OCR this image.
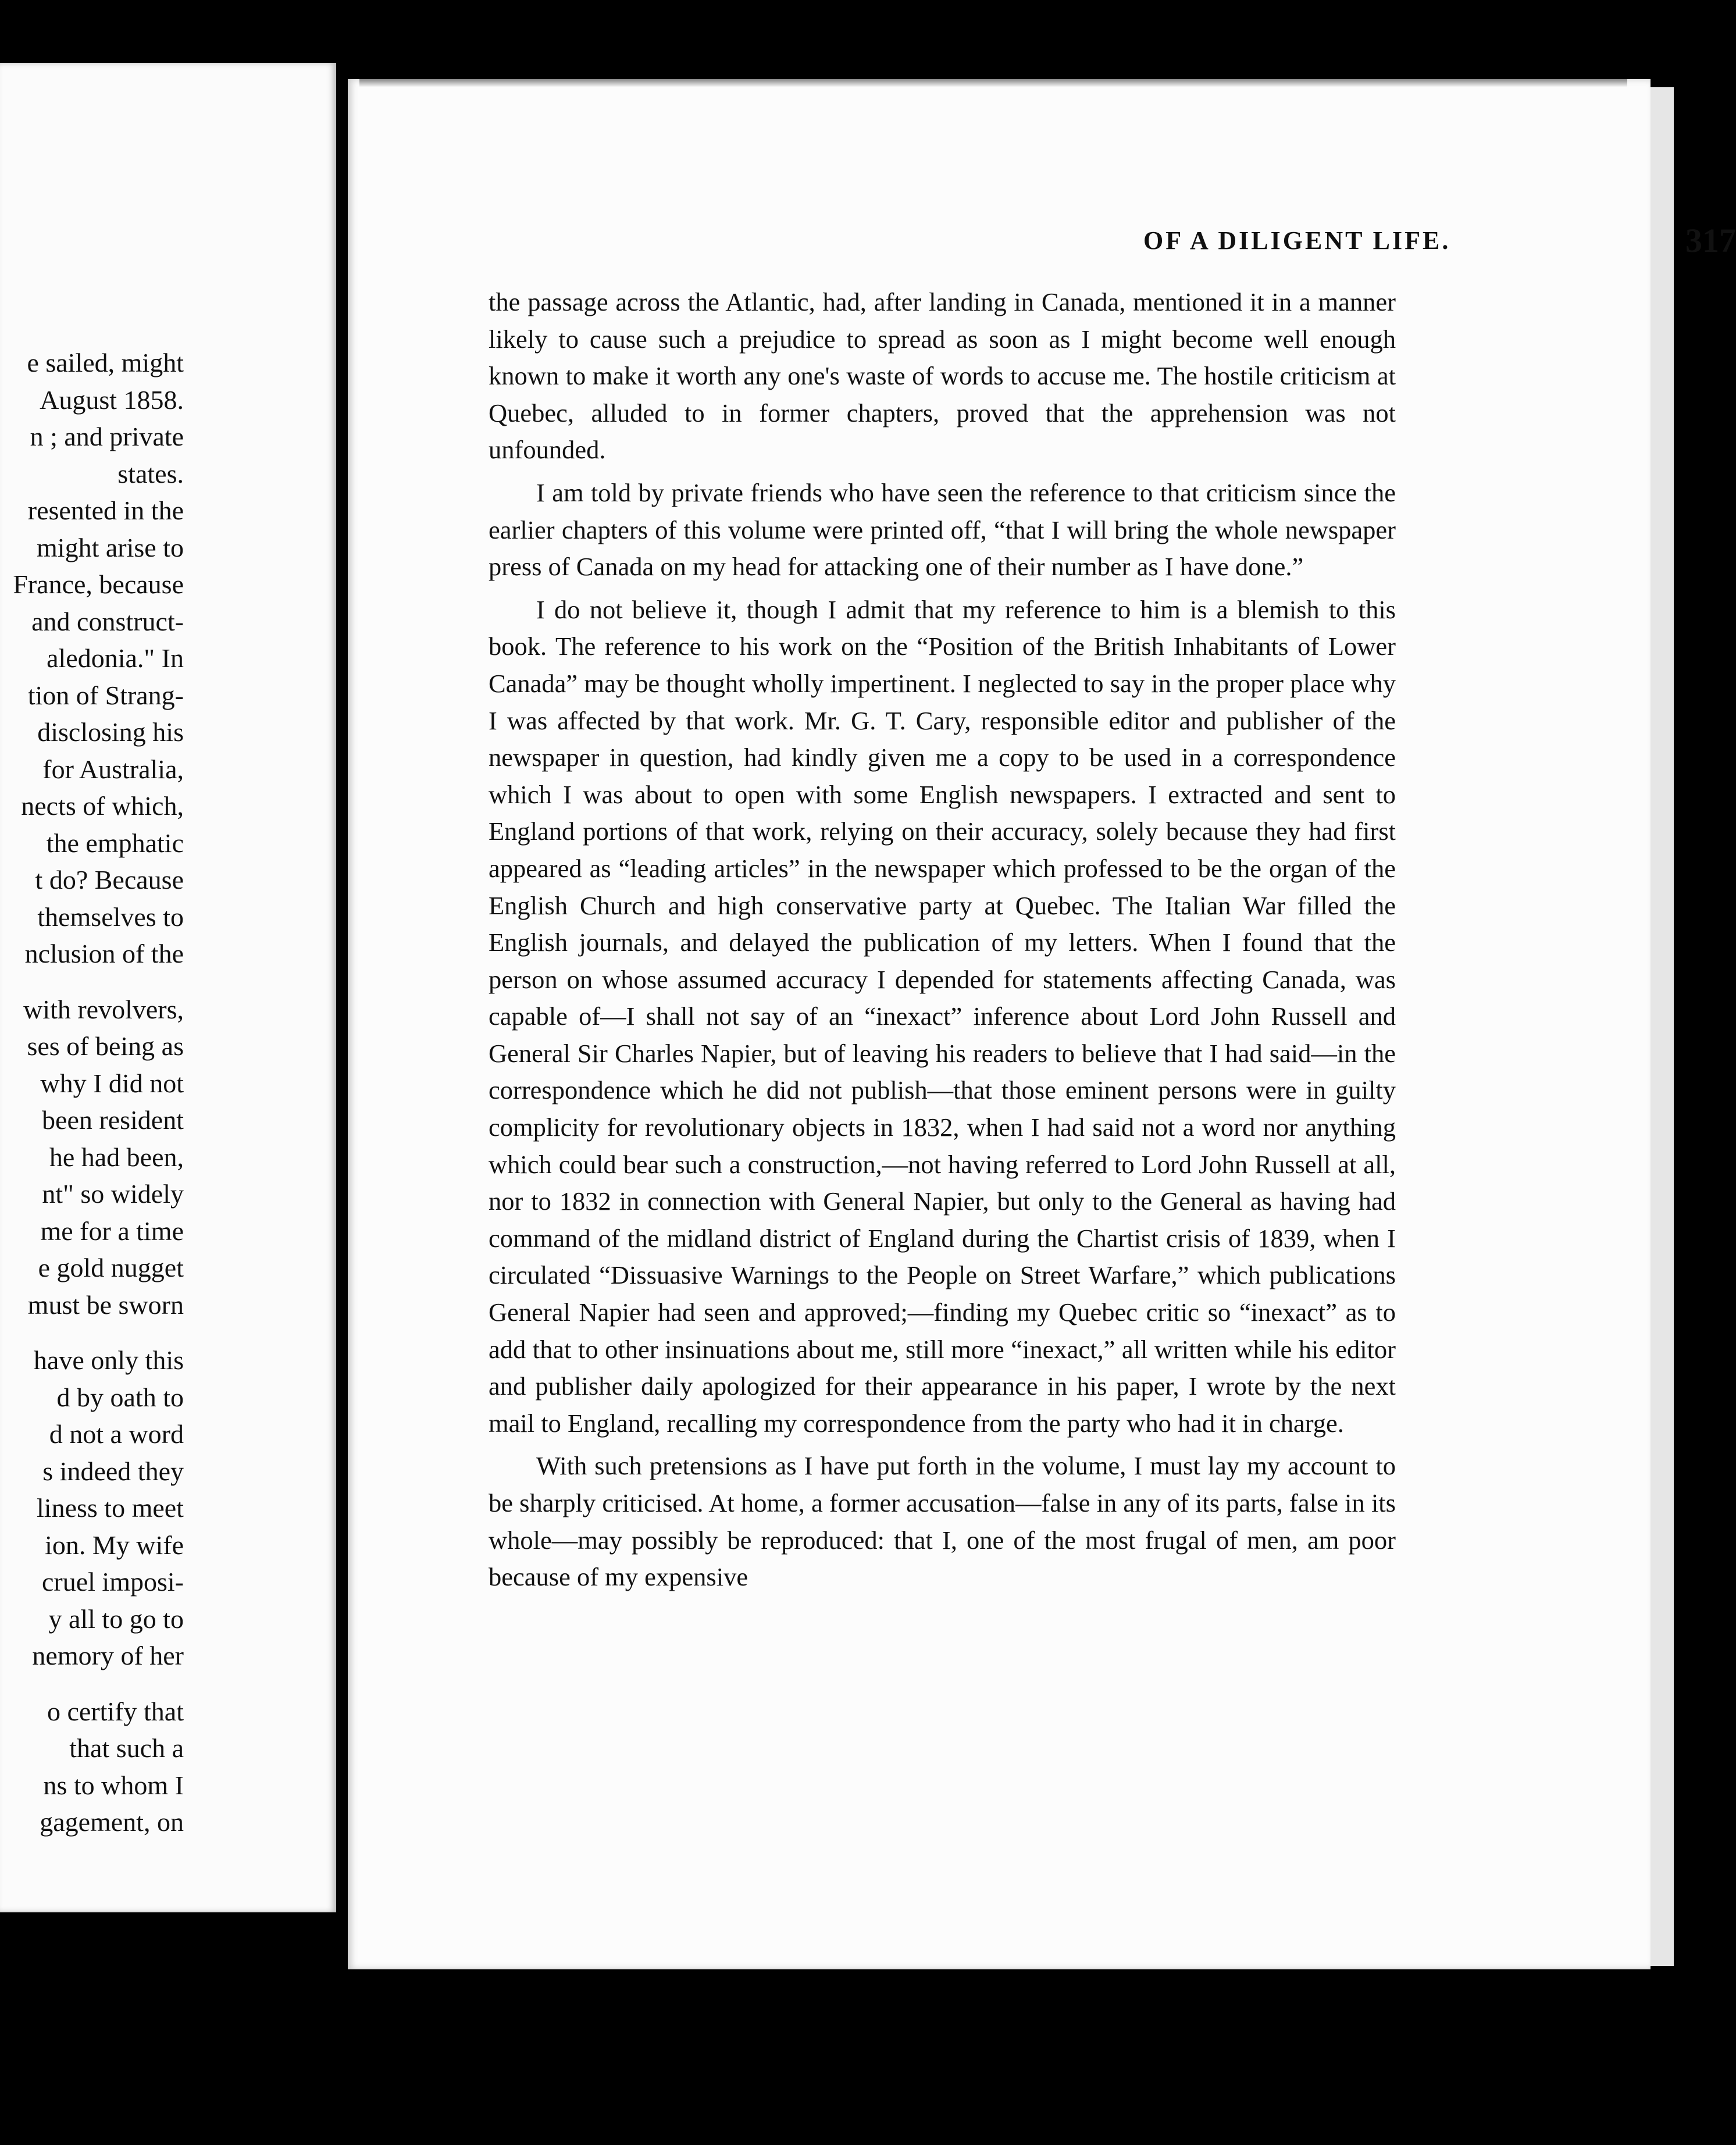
e sailed, might
August 1858.
n ; and private
states.
resented in the
might arise to
France, because
and construct-
aledonia." In
tion of Strang-
disclosing his
for Australia,
nects of which,
the emphatic
t do? Because
themselves to
nclusion of the
with revolvers,
ses of being as
why I did not
been resident
he had been,
nt" so widely
me for a time
e gold nugget
must be sworn
have only this
d by oath to
d not a word
s indeed they
liness to meet
ion. My wife
cruel imposi-
y all to go to
nemory of her
o certify that
that such a
ns to whom I
gagement, on
OF A DILIGENT LIFE.	317

the passage across the Atlantic, had, after landing in Canada, mentioned it in a manner likely to cause such a prejudice to spread as soon as I might become well enough known to make it worth any one's waste of words to accuse me. The hostile criticism at Quebec, alluded to in former chapters, proved that the apprehension was not unfounded.

I am told by private friends who have seen the reference to that criticism since the earlier chapters of this volume were printed off, “that I will bring the whole newspaper press of Canada on my head for attacking one of their number as I have done.”

I do not believe it, though I admit that my reference to him is a blemish to this book. The reference to his work on the “Position of the British Inhabitants of Lower Canada” may be thought wholly impertinent. I neglected to say in the proper place why I was affected by that work. Mr. G. T. Cary, responsible editor and publisher of the newspaper in question, had kindly given me a copy to be used in a correspondence which I was about to open with some English newspapers. I extracted and sent to England portions of that work, relying on their accuracy, solely because they had first appeared as “leading articles” in the newspaper which professed to be the organ of the English Church and high conservative party at Quebec. The Italian War filled the English journals, and delayed the publication of my letters. When I found that the person on whose assumed accuracy I depended for statements affecting Canada, was capable of—I shall not say of an “inexact” inference about Lord John Russell and General Sir Charles Napier, but of leaving his readers to believe that I had said—in the correspondence which he did not publish—that those eminent persons were in guilty complicity for revolutionary objects in 1832, when I had said not a word nor anything which could bear such a construction,—not having referred to Lord John Russell at all, nor to 1832 in connection with General Napier, but only to the General as having had command of the midland district of England during the Chartist crisis of 1839, when I circulated “Dissuasive Warnings to the People on Street Warfare,” which publications General Napier had seen and approved;—finding my Quebec critic so “inexact” as to add that to other insinuations about me, still more “inexact,” all written while his editor and publisher daily apologized for their appearance in his paper, I wrote by the next mail to England, recalling my correspondence from the party who had it in charge.

With such pretensions as I have put forth in the volume, I must lay my account to be sharply criticised. At home, a former accusation—false in any of its parts, false in its whole—may possibly be reproduced: that I, one of the most frugal of men, am poor because of my expensive
